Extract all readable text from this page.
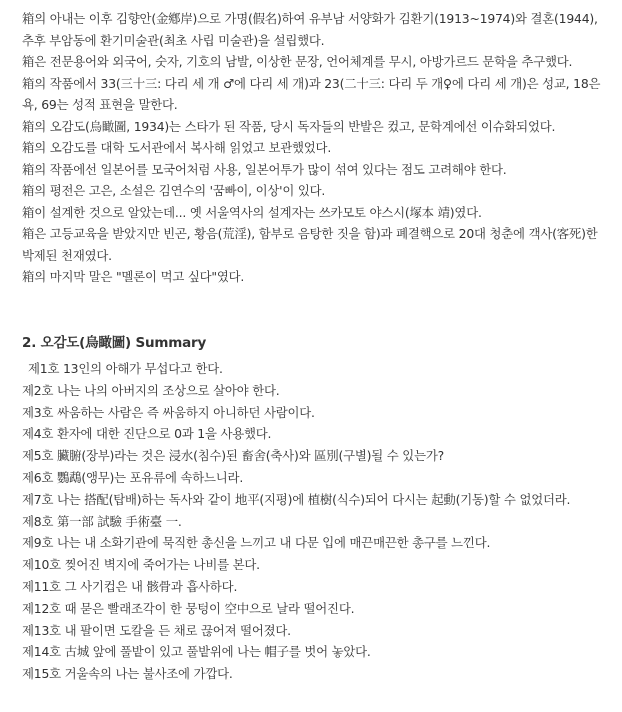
箱의 아내는 이후 김향안(金鄕岸)으로 가명(假名)하여 유부남 서양화가 김환기(1913~1974)와 결혼(1944), 추후 부암동에 환기미술관(최초 사립 미술관)을 설립했다.

箱은 전문용어와 외국어, 숫자, 기호의 남발, 이상한 문장, 언어체계를 무시, 아방가르드 문학을 추구했다.

箱의 작품에서 33(三十三: 다리 세 개 ♂에 다리 세 개)과 23(二十三: 다리 두 개♀에 다리 세 개)은 성교, 18은 욕, 69는 성적 표현을 말한다.

箱의 오감도(烏瞰圖, 1934)는 스타가 된 작품, 당시 독자들의 반발은 컸고, 문학계에선 이슈화되었다.

箱의 오감도를 대학 도서관에서 복사해 읽었고 보관했었다.

箱의 작품에선 일본어를 모국어처럼 사용, 일본어투가 많이 섞여 있다는 점도 고려해야 한다.

箱의 평전은 고은, 소설은 김연수의 '꿈빠이, 이상'이 있다.

箱이 설계한 것으로 알았는데... 옛 서울역사의 설계자는 쓰카모토 야스시(塚本 靖)였다.

箱은 고등교육을 받았지만 빈곤, 황음(荒淫), 함부로 음탕한 짓을 함)과 폐결핵으로 20대 청춘에 객사(客死)한 박제된 천재였다.

箱의 마지막 말은 "멜론이 먹고 싶다"였다.

2. 오감도(烏瞰圖) Summary

제1호 13인의 아해가 무섭다고 한다.

제2호 나는 나의 아버지의 조상으로 살아야 한다.

제3호 싸움하는 사람은 즉 싸움하지 아니하던 사람이다.

제4호 환자에 대한 진단으로 0과 1을 사용했다.

제5호 臟腑(장부)라는 것은 浸水(침수)된 畜舍(축사)와 區別(구별)될 수 있는가?

제6호 鸚鵡(앵무)는 포유류에 속하느니라.

제7호 나는 搭配(탑배)하는 독사와 같이 地平(지평)에 植樹(식수)되어 다시는 起動(기동)할 수 없었더라.

제8호 第一部 試驗 手術臺 一.

제9호 나는 내 소화기관에 묵직한 총신을 느끼고 내 다문 입에 매끈매끈한 총구를 느낀다.

제10호 찢어진 벽지에 죽어가는 나비를 본다.

제11호 그 사기컵은 내 骸骨과 흡사하다.

제12호 때 묻은 빨래조각이 한 뭉텅이 空中으로 날라 떨어진다.

제13호 내 팔이면 도칼을 든 채로 끊어져 떨어졌다.

제14호 古城 앞에 풀밭이 있고 풀밭위에 나는 帽子를 벗어 놓았다.

제15호 거울속의 나는 불사조에 가깝다.
